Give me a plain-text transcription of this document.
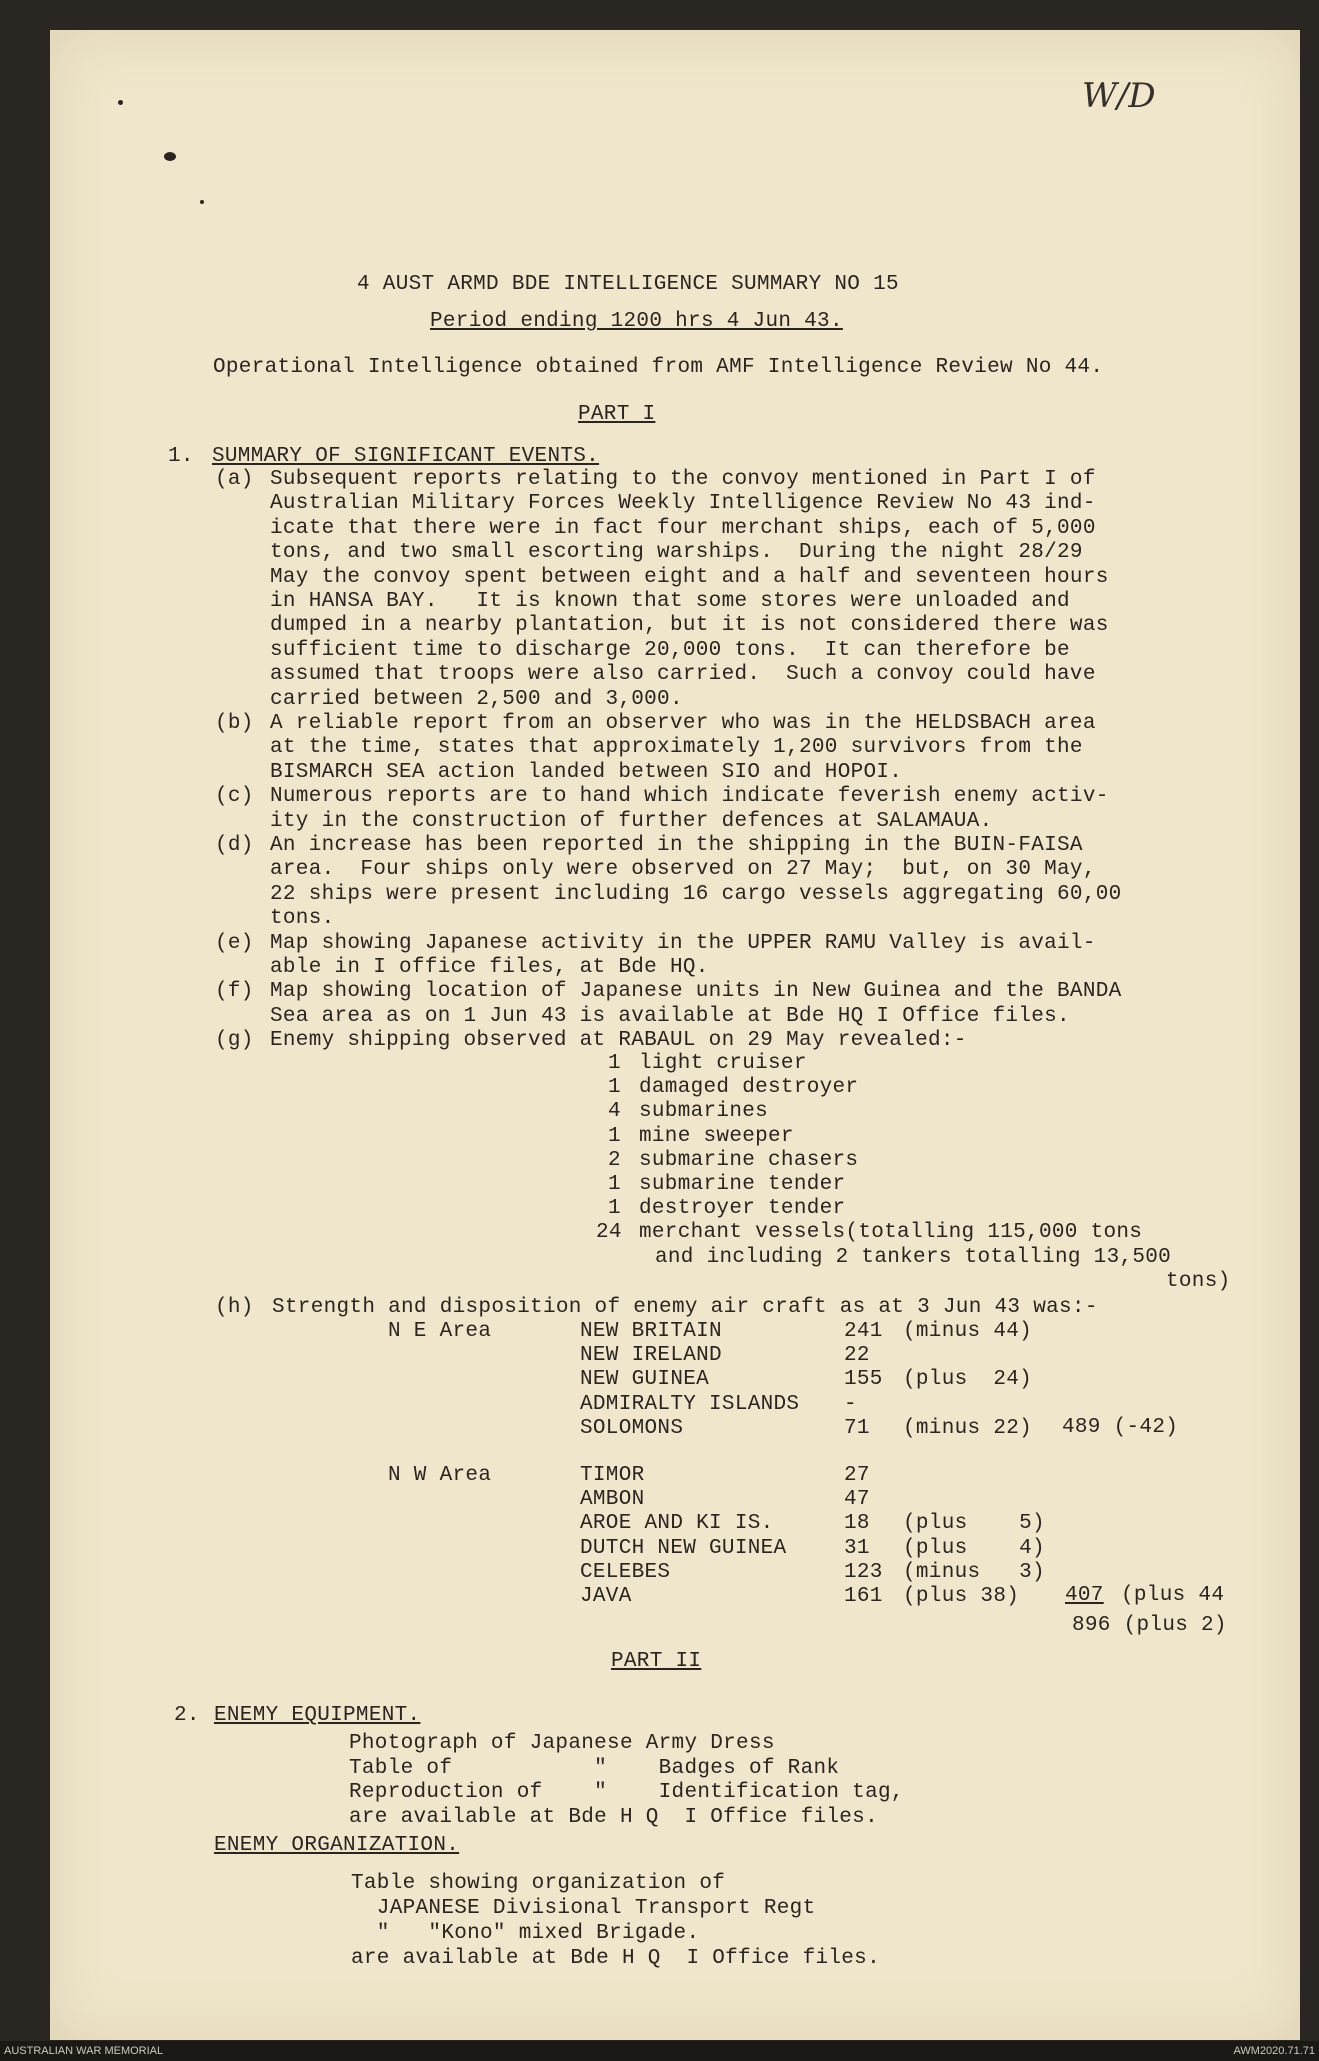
W/D
4 AUST ARMD BDE INTELLIGENCE SUMMARY NO 15
Period ending 1200 hrs 4 Jun 43.
Operational Intelligence obtained from AMF Intelligence Review No 44.
PART I
1. SUMMARY OF SIGNIFICANT EVENTS.
(a) Subsequent reports relating to the convoy mentioned in Part I of
Australian Military Forces Weekly Intelligence Review No 43 ind-
icate that there were in fact four merchant ships, each of 5,000
tons, and two small escorting warships.  During the night 28/29
May the convoy spent between eight and a half and seventeen hours
in HANSA BAY.   It is known that some stores were unloaded and
dumped in a nearby plantation, but it is not considered there was
sufficient time to discharge 20,000 tons.  It can therefore be
assumed that troops were also carried.  Such a convoy could have
carried between 2,500 and 3,000.
(b) A reliable report from an observer who was in the HELDSBACH area
at the time, states that approximately 1,200 survivors from the
BISMARCH SEA action landed between SIO and HOPOI.
(c) Numerous reports are to hand which indicate feverish enemy activ-
ity in the construction of further defences at SALAMAUA.
(d) An increase has been reported in the shipping in the BUIN-FAISA
area.  Four ships only were observed on 27 May;  but, on 30 May,
22 ships were present including 16 cargo vessels aggregating 60,00
tons.
(e) Map showing Japanese activity in the UPPER RAMU Valley is avail-
able in I office files, at Bde HQ.
(f) Map showing location of Japanese units in New Guinea and the BANDA
Sea area as on 1 Jun 43 is available at Bde HQ I Office files.
(g) Enemy shipping observed at RABAUL on 29 May revealed:-
1 light cruiser
1 damaged destroyer
4 submarines
1 mine sweeper
2 submarine chasers
1 submarine tender
1 destroyer tender
24 merchant vessels(totalling 115,000 tons
and including 2 tankers totalling 13,500
tons)
(h) Strength and disposition of enemy air craft as at 3 Jun 43 was:-
N E Area	NEW BRITAIN	241 (minus 44)
NEW IRELAND	22
NEW GUINEA	155 (plus  24)
ADMIRALTY ISLANDS -
SOLOMONS	71 (minus 22) 489 (-42)
N W Area	TIMOR	27
AMBON	47
AROE AND KI IS.	18 (plus    5)
DUTCH NEW GUINEA	31 (plus    4)
CELEBES	123 (minus   3)
JAVA	161 (plus 38) 407 (plus 44
896 (plus 2)
PART II
2. ENEMY EQUIPMENT.
Photograph of Japanese Army Dress
Table of           "    Badges of Rank
Reproduction of    "    Identification tag,
are available at Bde H Q  I Office files.
ENEMY ORGANIZATION.
Table showing organization of
JAPANESE Divisional Transport Regt
"   "Kono" mixed Brigade.
are available at Bde H Q  I Office files.
AUSTRALIAN WAR MEMORIAL	AWM2020.71.71
